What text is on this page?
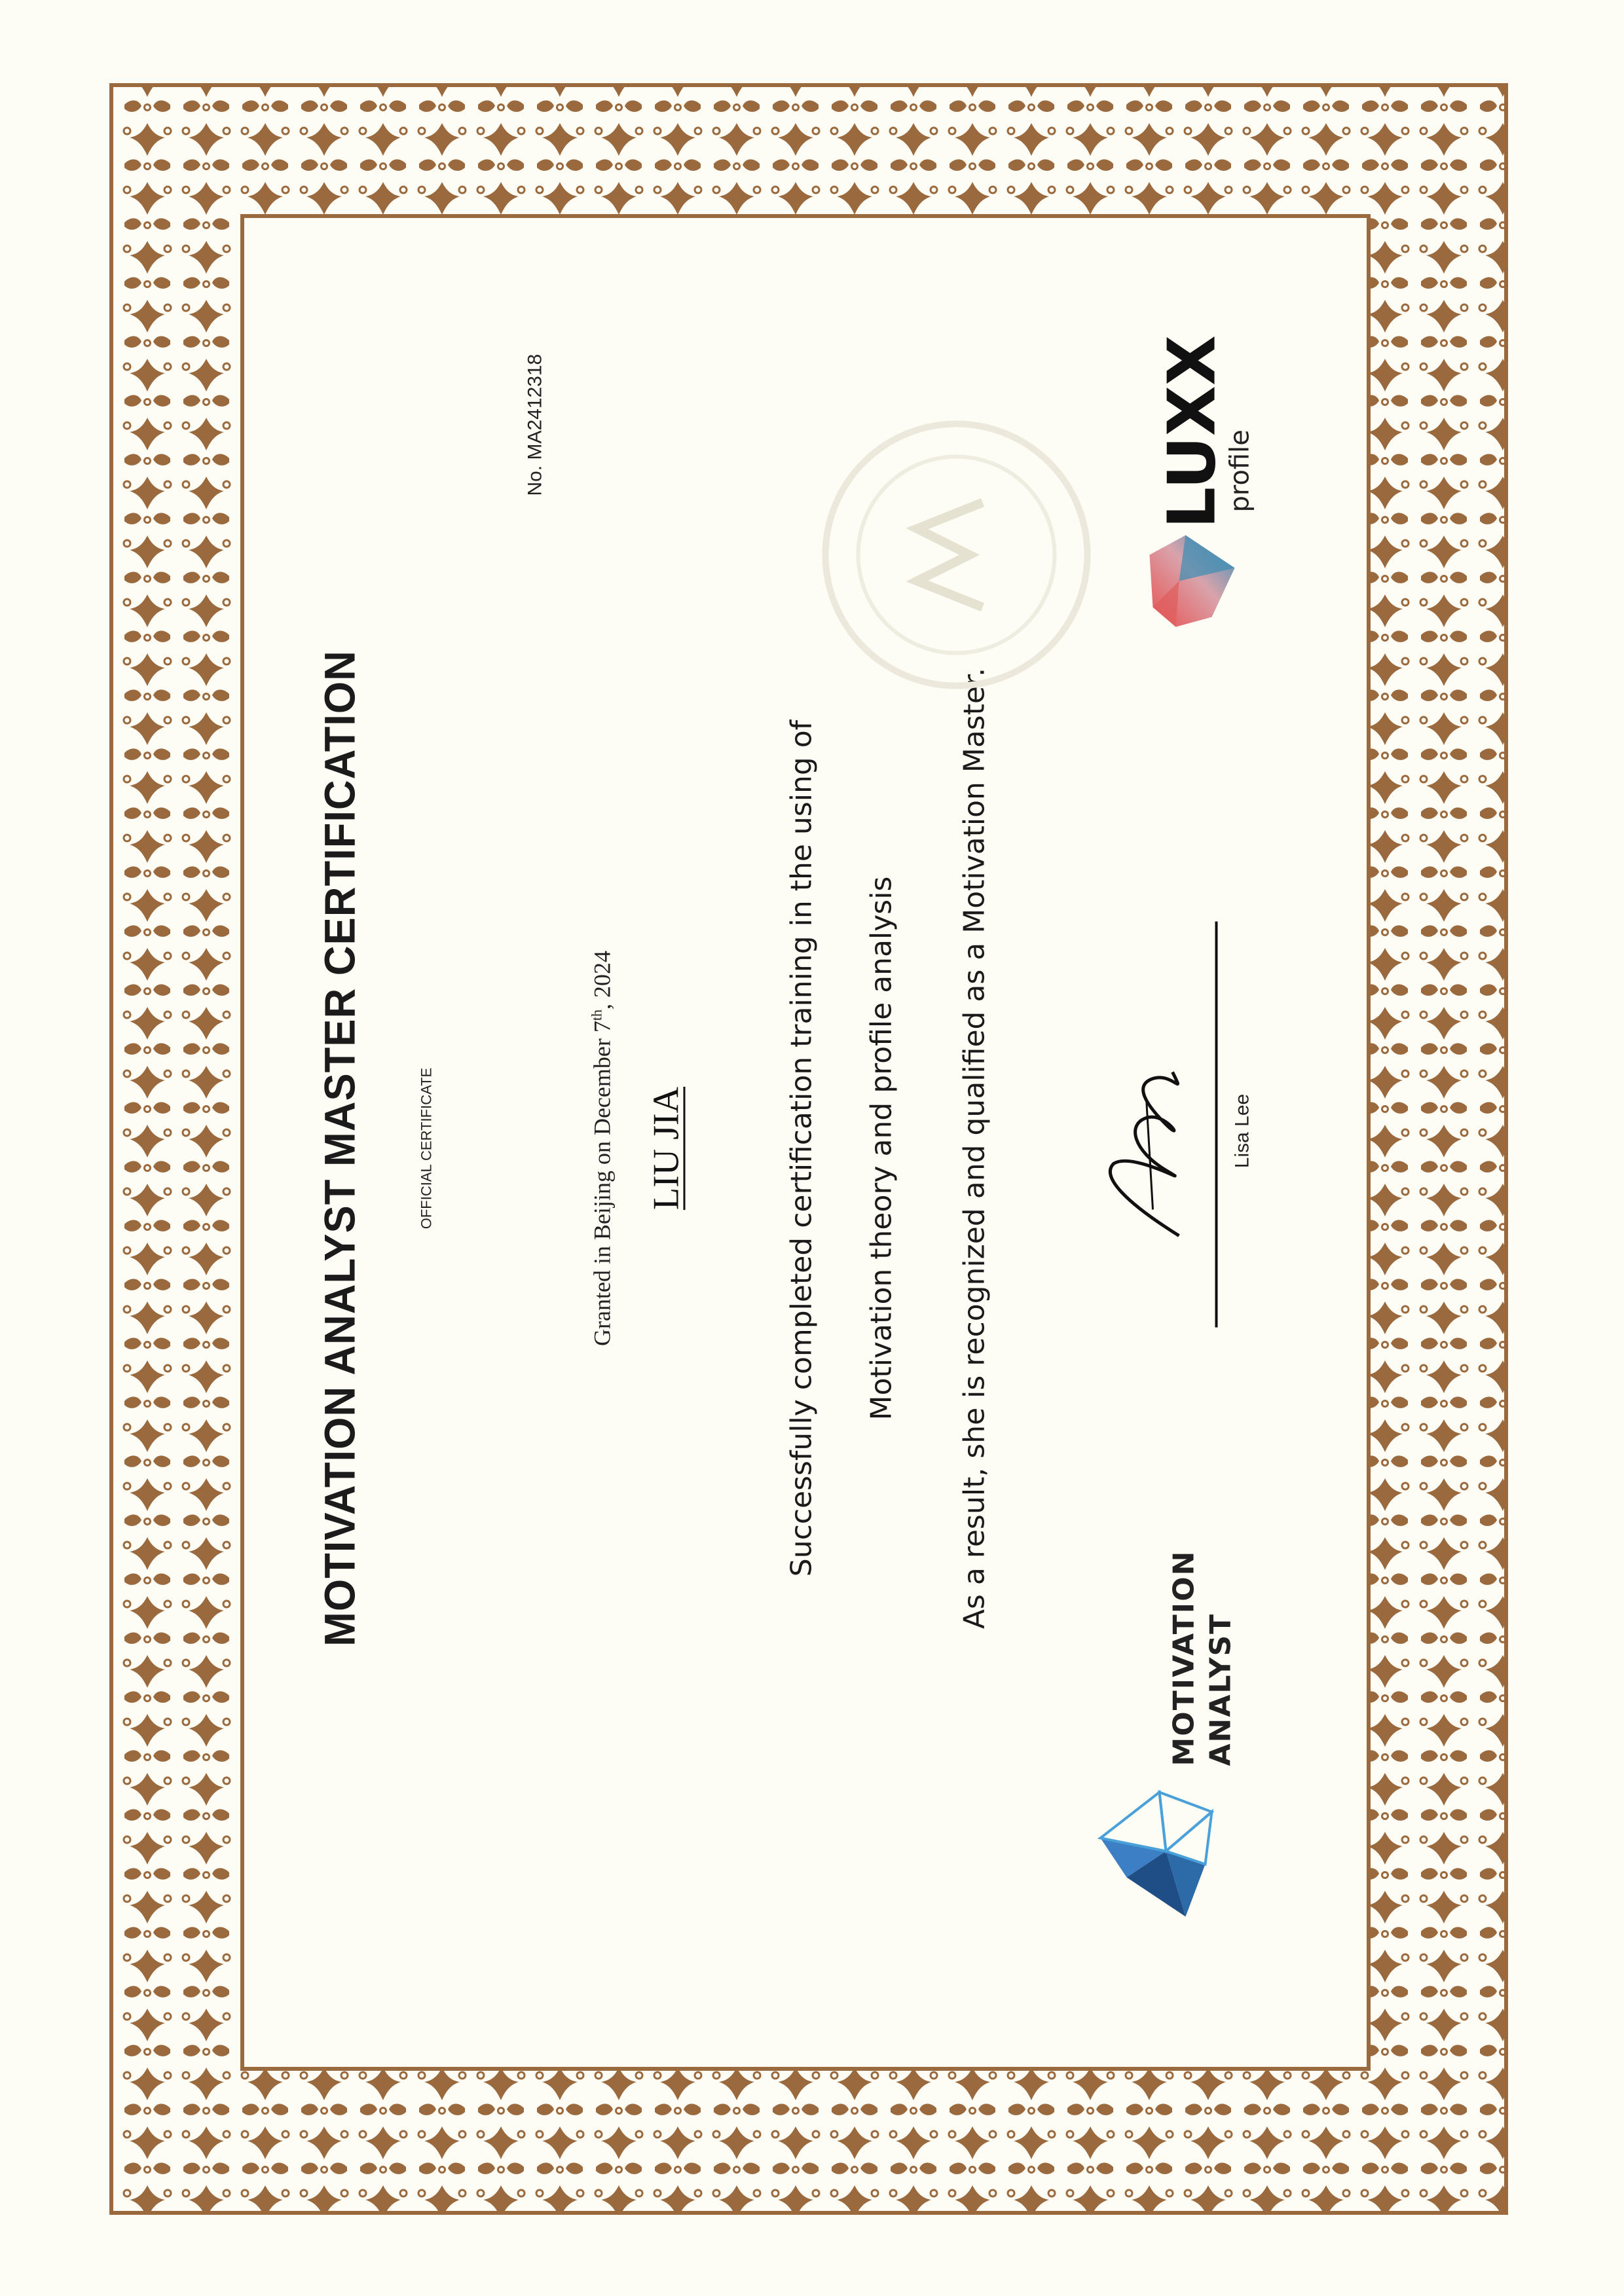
MOTIVATION ANALYST MASTER CERTIFICATION	OFFICIAL CERTIFICATE
No. MA2412318
Granted in Beijing on December 7th, 2024
LIU JIA	Successfully completed certification training in the using of Motivation theory and profile analysis As a result, she is recognized and qualified as a Motivation Master.
MOTIVATION ANALYST
Lisa Lee
LUXX
profile
